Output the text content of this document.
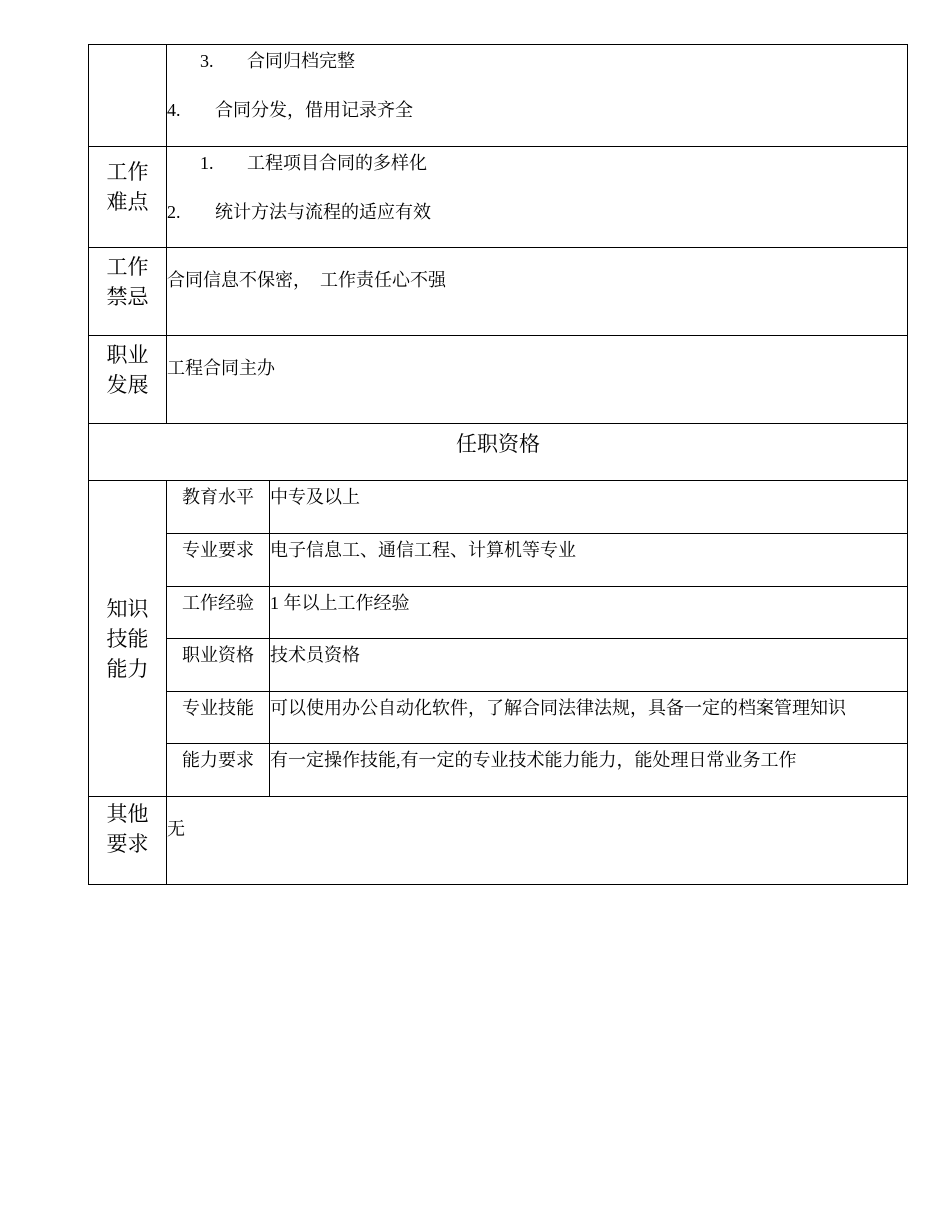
	3. 合同归档完整
4. 合同分发，借用记录齐全	

工作
难点	1. 工程项目合同的多样化
2. 统计方法与流程的适应有效	

工作
禁忌	合同信息不保密，  工作责任心不强	

职业
发展	工程合同主办	

任职资格		

知识
技能
能力	教育水平	中专及以上
	专业要求	电子信息工、通信工程、计算机等专业
	工作经验	1 年以上工作经验
	职业资格	技术员资格
	专业技能	可以使用办公自动化软件，了解合同法律法规，具备一定的档案管理知识
	能力要求	有一定操作技能,有一定的专业技术能力能力，能处理日常业务工作

其他
要求	无	
